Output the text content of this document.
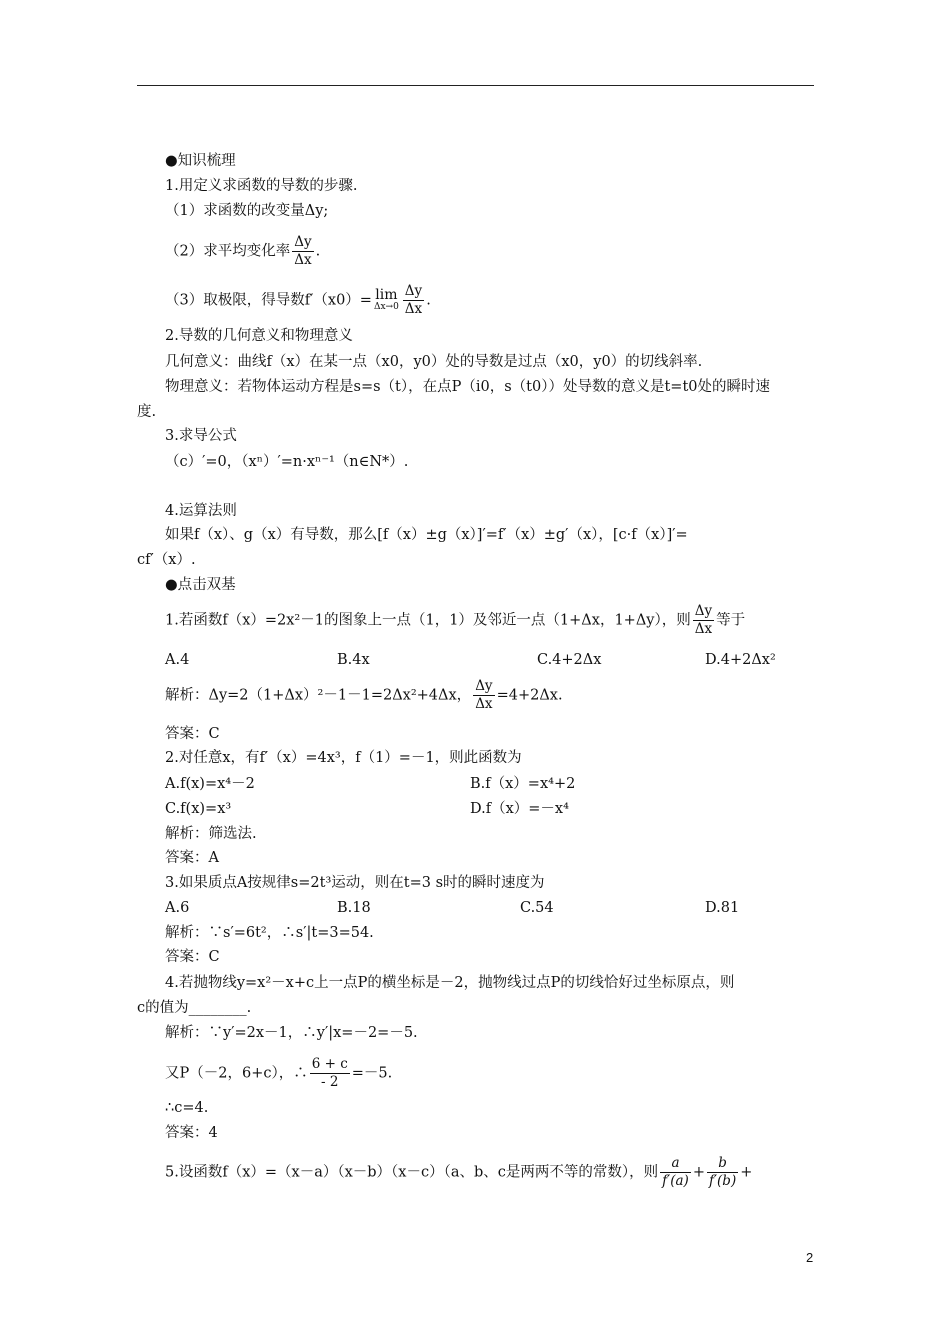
●知识梳理
1.用定义求函数的导数的步骤.
（1）求函数的改变量Δy;
（2）求平均变化率 $\frac{\Delta y}{\Delta x}$ .
（3）取极限，得导数f′（x0）= lim
$\Delta x\to 0 \frac{\Delta y}{\Delta x}$ .
2.导数的几何意义和物理意义
几何意义：曲线f（x）在某一点（x0，y0）处的导数是过点（x0，y0）的切线斜率.
物理意义：若物体运动方程是s=s（t），在点P（i0，s（t0））处导数的意义是t=t0处的瞬时速
度.
3.求导公式
（c）′=0，（xⁿ）′=n·xⁿ⁻¹（n∈N*）.
4.运算法则
如果f（x）、g（x）有导数，那么[f（x）±g（x）]′=f′（x）±g′（x），[c·f（x）]′=
cf′（x）.
●点击双基
1.若函数f（x）=2x²－1的图象上一点（1，1）及邻近一点（1+Δx，1+Δy），则 $\frac{\Delta y}{\Delta x}$ 等于
A.4	B.4x	C.4+2Δx	D.4+2Δx²
解析：Δy=2（1+Δx）²－1－1=2Δx²+4Δx， $\frac{\Delta y}{\Delta x} =4+2\Delta x$.
答案：C
2.对任意x，有f′（x）=4x³，f（1）=－1，则此函数为
A.f(x)=x⁴－2	B.f（x）=x⁴+2
C.f(x)=x³	D.f（x）=－x⁴
解析：筛选法.
答案：A
3.如果质点A按规律s=2t³运动，则在t=3 s时的瞬时速度为
A.6	B.18	C.54	D.81
解析：∵s′=6t²，∴s′|t=3=54.
答案：C
4.若抛物线y=x²－x+c上一点P的横坐标是－2，抛物线过点P的切线恰好过坐标原点，则
c的值为________.
解析：∵y′=2x－1，∴y′|x=－2=－5.
又P（－2，6+c），∴ $\frac{6 + c}{- 2} =-5$.
∴c=4.
答案：4
5.设函数f（x）=（x－a）（x－b）（x－c）（a、b、c是两两不等的常数），则 $\frac{a}{f'(a)} + \frac{b}{f'(b)}$ +
2
